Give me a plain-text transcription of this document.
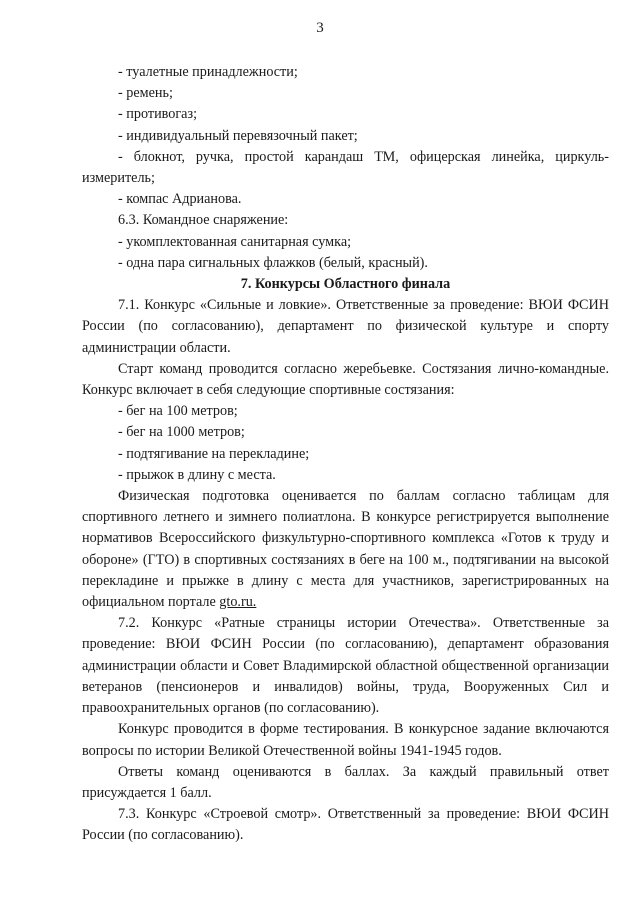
3

- туалетные принадлежности;

- ремень;

- противогаз;

- индивидуальный перевязочный пакет;

- блокнот, ручка, простой карандаш ТМ, офицерская линейка, циркуль-измеритель;

- компас Адрианова.

6.3. Командное снаряжение:

- укомплектованная санитарная сумка;

- одна пара сигнальных флажков (белый, красный).

7. Конкурсы Областного финала

7.1. Конкурс «Сильные и ловкие». Ответственные за проведение: ВЮИ ФСИН России (по согласованию), департамент по физической культуре и спорту администрации области.

Старт команд проводится согласно жеребьевке. Состязания лично-командные. Конкурс включает в себя следующие спортивные состязания:

- бег на 100 метров;

- бег на 1000 метров;

- подтягивание на перекладине;

- прыжок в длину с места.

Физическая подготовка оценивается по баллам согласно таблицам для спортивного летнего и зимнего полиатлона. В конкурсе регистрируется выполнение нормативов Всероссийского физкультурно-спортивного комплекса «Готов к труду и обороне» (ГТО) в спортивных состязаниях в беге на 100 м., подтягивании на высокой перекладине и прыжке в длину с места для участников, зарегистрированных на официальном портале gto.ru.

7.2. Конкурс «Ратные страницы истории Отечества». Ответственные за проведение: ВЮИ ФСИН России (по согласованию), департамент образования администрации области и Совет Владимирской областной общественной организации ветеранов (пенсионеров и инвалидов) войны, труда, Вооруженных Сил и правоохранительных органов (по согласованию).

Конкурс проводится в форме тестирования. В конкурсное задание включаются вопросы по истории Великой Отечественной войны 1941-1945 годов.

Ответы команд оцениваются в баллах. За каждый правильный ответ присуждается 1 балл.

7.3. Конкурс «Строевой смотр». Ответственный за проведение: ВЮИ ФСИН России (по согласованию).
